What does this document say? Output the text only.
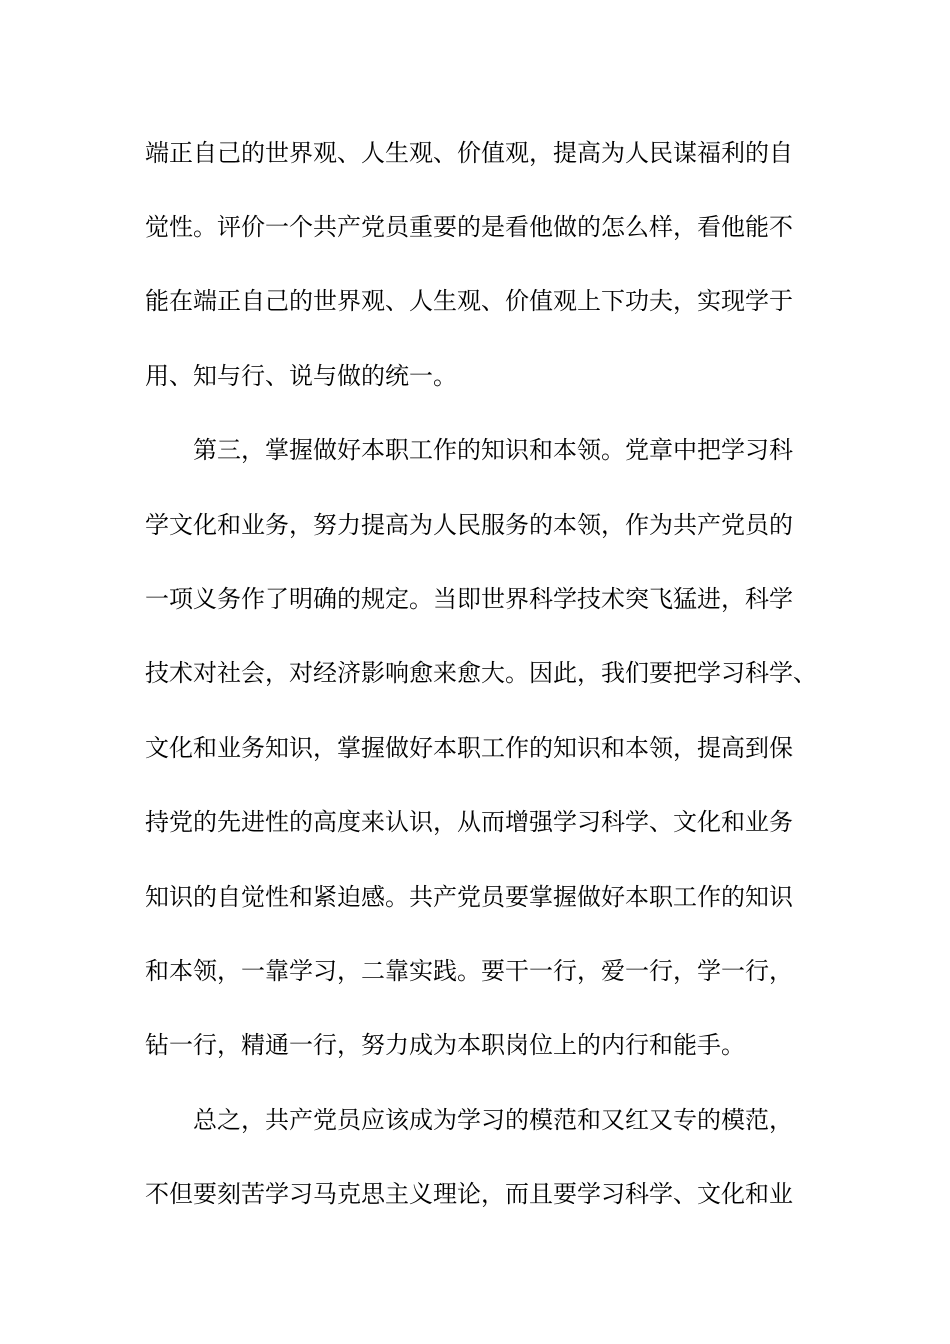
端正自己的世界观、人生观、价值观，提高为人民谋福利的自
觉性。评价一个共产党员重要的是看他做的怎么样，看他能不
能在端正自己的世界观、人生观、价值观上下功夫，实现学于
用、知与行、说与做的统一。
第三，掌握做好本职工作的知识和本领。党章中把学习科
学文化和业务，努力提高为人民服务的本领，作为共产党员的
一项义务作了明确的规定。当即世界科学技术突飞猛进，科学
技术对社会，对经济影响愈来愈大。因此，我们要把学习科学、
文化和业务知识，掌握做好本职工作的知识和本领，提高到保
持党的先进性的高度来认识，从而增强学习科学、文化和业务
知识的自觉性和紧迫感。共产党员要掌握做好本职工作的知识
和本领，一靠学习，二靠实践。要干一行，爱一行，学一行，
钻一行，精通一行，努力成为本职岗位上的内行和能手。
总之，共产党员应该成为学习的模范和又红又专的模范，
不但要刻苦学习马克思主义理论，而且要学习科学、文化和业
